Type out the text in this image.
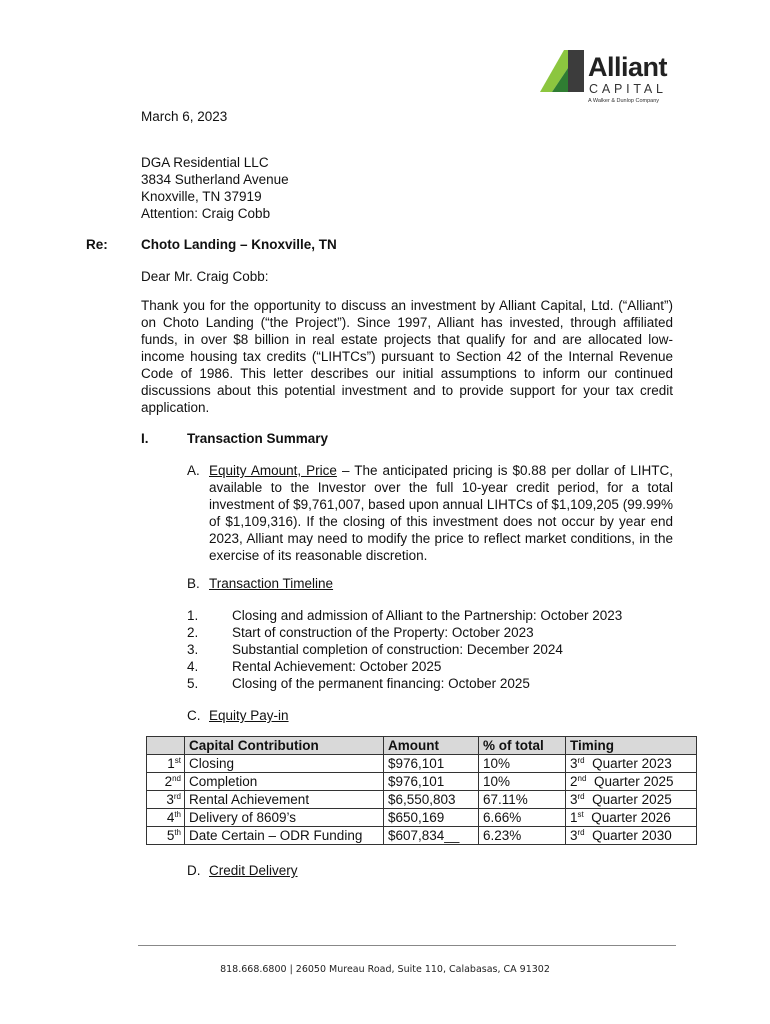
Alliant
CAPITAL
A Walker & Dunlop Company
March 6, 2023
DGA Residential LLC
3834 Sutherland Avenue
Knoxville, TN 37919
Attention: Craig Cobb
Re: Choto Landing – Knoxville, TN
Dear Mr. Craig Cobb:
Thank you for the opportunity to discuss an investment by Alliant Capital, Ltd. (“Alliant”) on Choto Landing (“the Project”). Since 1997, Alliant has invested, through affiliated funds, in over $8 billion in real estate projects that qualify for and are allocated low-income housing tax credits (“LIHTCs”) pursuant to Section 42 of the Internal Revenue Code of 1986. This letter describes our initial assumptions to inform our continued discussions about this potential investment and to provide support for your tax credit application.
I.	Transaction Summary
A. Equity Amount, Price – The anticipated pricing is $0.88 per dollar of LIHTC, available to the Investor over the full 10-year credit period, for a total investment of $9,761,007, based upon annual LIHTCs of $1,109,205 (99.99% of $1,109,316). If the closing of this investment does not occur by year end 2023, Alliant may need to modify the price to reflect market conditions, in the exercise of its reasonable discretion.
B. Transaction Timeline
1. Closing and admission of Alliant to the Partnership: October 2023
2. Start of construction of the Property: October 2023
3. Substantial completion of construction: December 2024
4. Rental Achievement: October 2025
5. Closing of the permanent financing: October 2025
C. Equity Pay-in
	Capital Contribution	Amount	% of total	Timing
1st	Closing	$976,101	10%	3rd Quarter 2023
2nd	Completion	$976,101	10%	2nd Quarter 2025
3rd	Rental Achievement	$6,550,803	67.11%	3rd Quarter 2025
4th	Delivery of 8609’s	$650,169	6.66%	1st Quarter 2026
5th	Date Certain – ODR Funding	$607,834__	6.23%	3rd Quarter 2030
D. Credit Delivery
818.668.6800 | 26050 Mureau Road, Suite 110, Calabasas, CA 91302
